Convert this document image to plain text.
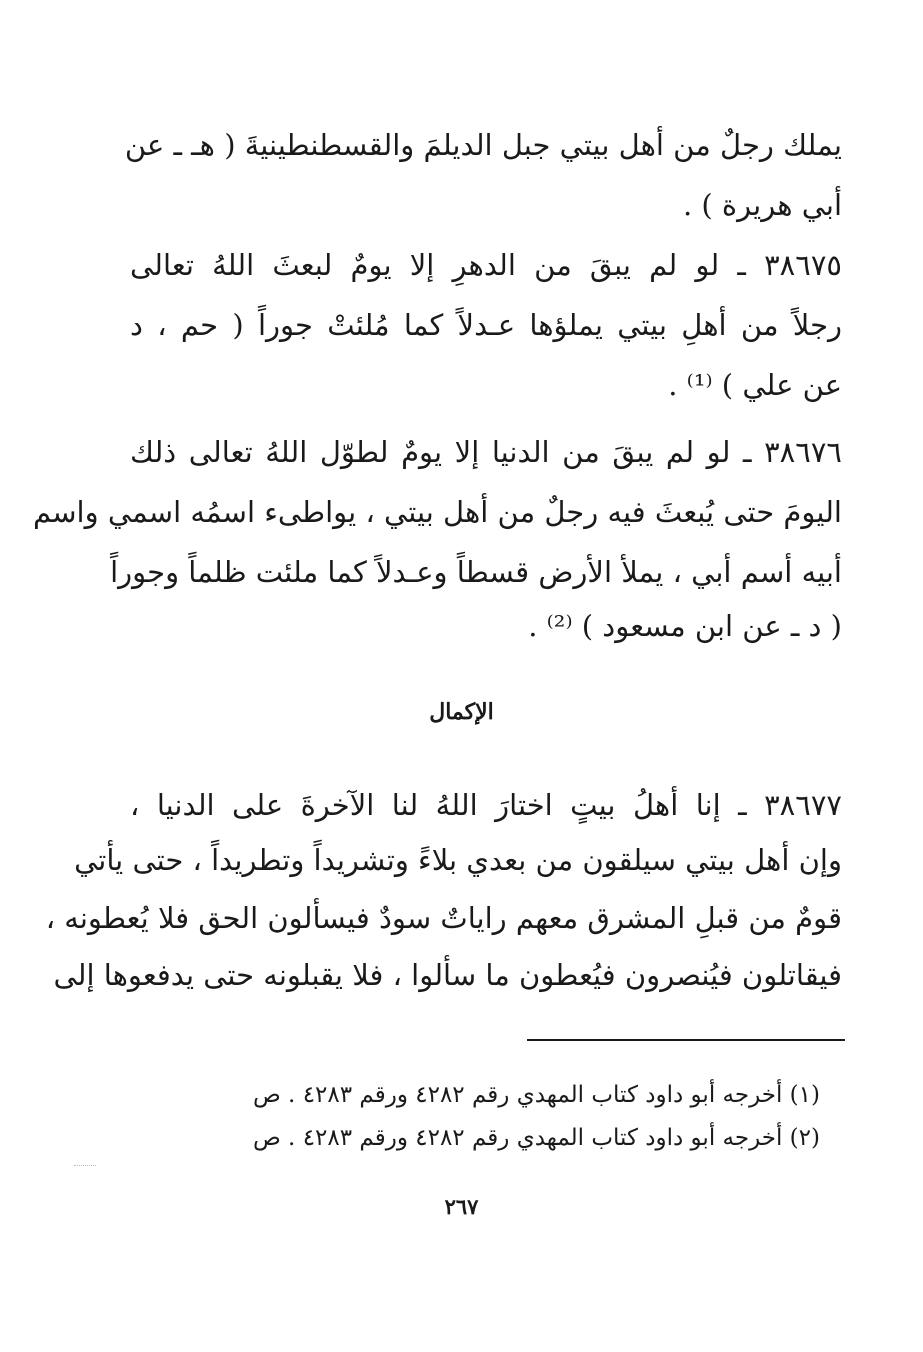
يملك رجلٌ من أهل بيتي جبل الديلمَ والقسطنطينيةَ ( هـ ـ عن
أبي هريرة ) .
٣٨٦٧٥ ـ لو لم يبقَ من الدهرِ إلا يومٌ لبعثَ اللهُ تعالى
رجلاً من أهلِ بيتي يملؤها عـدلاً كما مُلئتْ جوراً ( حم ، د
عن علي ) ⁽¹⁾ .
٣٨٦٧٦ ـ لو لم يبقَ من الدنيا إلا يومٌ لطوّل اللهُ تعالى ذلك
اليومَ حتى يُبعثَ فيه رجلٌ من أهل بيتي ، يواطىء اسمُه اسمي واسم
أبيه أسم أبي ، يملأ الأرض قسطاً وعـدلاً كما ملئت ظلماً وجوراً
( د ـ عن ابن مسعود ) ⁽²⁾ .
الإكمال
٣٨٦٧٧ ـ إنا أهلُ بيتٍ اختارَ اللهُ لنا الآخرةَ على الدنيا ،
وإن أهل بيتي سيلقون من بعدي بلاءً وتشريداً وتطريداً ، حتى يأتي
قومٌ من قبلِ المشرق معهم راياتٌ سودٌ فيسألون الحق فلا يُعطونه ،
فيقاتلون فيُنصرون فيُعطون ما سألوا ، فلا يقبلونه حتى يدفعوها إلى
(١) أخرجه أبو داود كتاب المهدي رقم ٤٢٨٢ ورقم ٤٢٨٣ . ص
(٢) أخرجه أبو داود كتاب المهدي رقم ٤٢٨٢ ورقم ٤٢٨٣ . ص
٢٦٧
